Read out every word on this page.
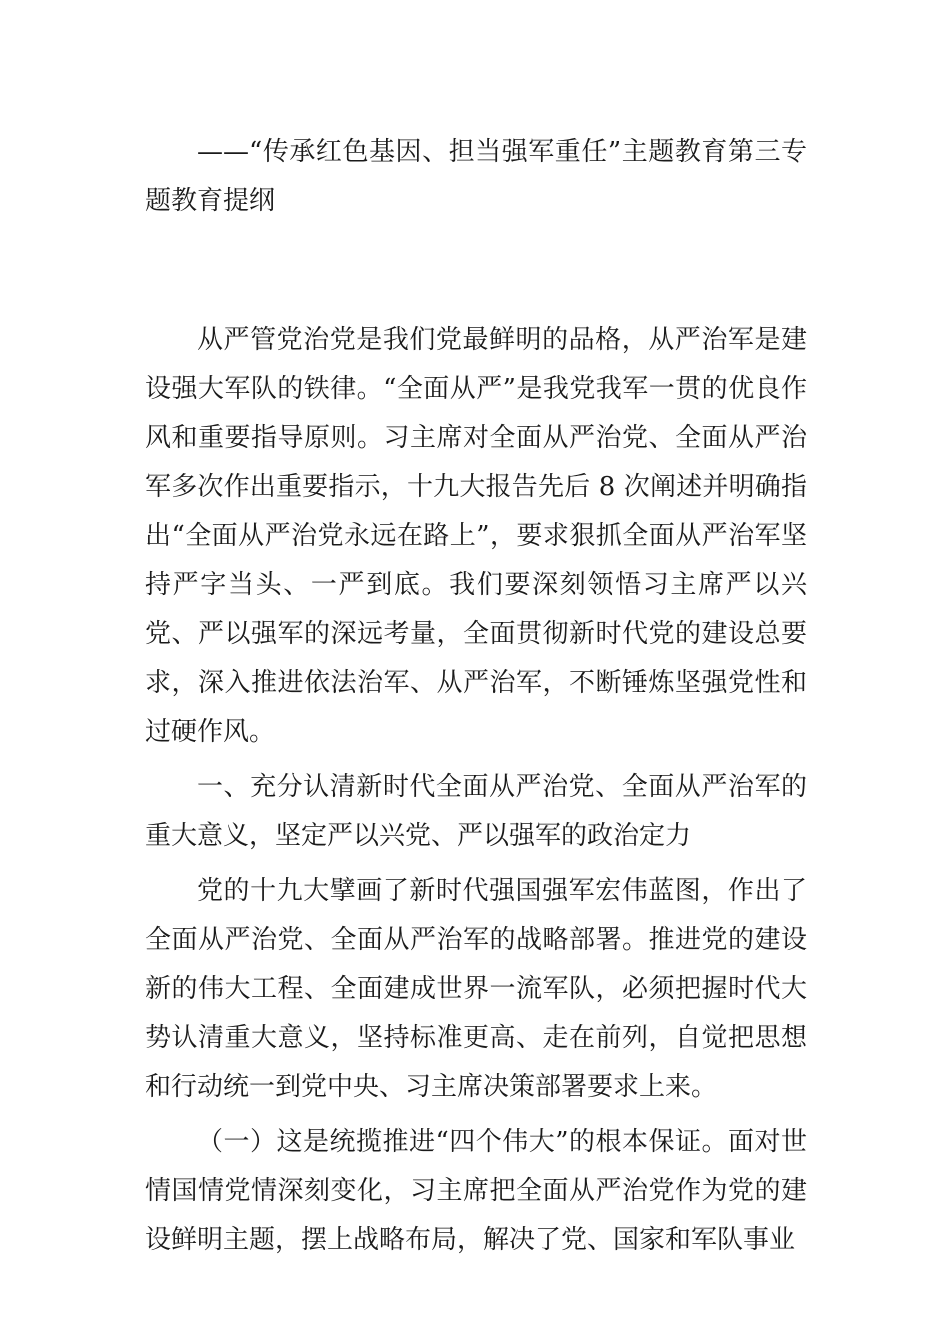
——“传承红色基因、担当强军重任”主题教育第三专题教育提纲

从严管党治党是我们党最鲜明的品格，从严治军是建设强大军队的铁律。“全面从严”是我党我军一贯的优良作风和重要指导原则。习主席对全面从严治党、全面从严治军多次作出重要指示，十九大报告先后 8 次阐述并明确指出“全面从严治党永远在路上”，要求狠抓全面从严治军坚持严字当头、一严到底。我们要深刻领悟习主席严以兴党、严以强军的深远考量，全面贯彻新时代党的建设总要求，深入推进依法治军、从严治军，不断锤炼坚强党性和过硬作风。

一、充分认清新时代全面从严治党、全面从严治军的重大意义，坚定严以兴党、严以强军的政治定力

党的十九大擘画了新时代强国强军宏伟蓝图，作出了全面从严治党、全面从严治军的战略部署。推进党的建设新的伟大工程、全面建成世界一流军队，必须把握时代大势认清重大意义，坚持标准更高、走在前列，自觉把思想和行动统一到党中央、习主席决策部署要求上来。

（一）这是统揽推进“四个伟大”的根本保证。面对世情国情党情深刻变化，习主席把全面从严治党作为党的建设鲜明主题，摆上战略布局，解决了党、国家和军队事业
